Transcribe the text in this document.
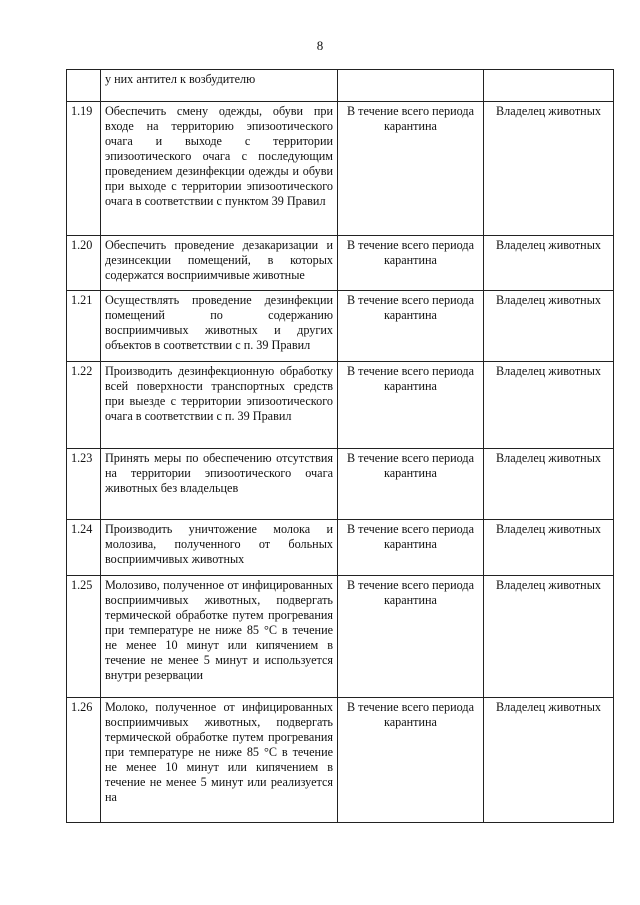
8
	у них антител к возбудителю		
1.19	Обеспечить смену одежды, обуви при входе на территорию эпизоотического очага и выходе с территории эпизоотического очага с последующим проведением дезинфекции одежды и обуви при выходе с территории эпизоотического очага в соответствии с пунктом 39 Правил	В течение всего периода карантина	Владелец животных
1.20	Обеспечить проведение дезакаризации и дезинсекции помещений, в которых содержатся восприимчивые животные	В течение всего периода карантина	Владелец животных
1.21	Осуществлять проведение дезинфекции помещений по содержанию восприимчивых животных и других объектов в соответствии с п. 39 Правил	В течение всего периода карантина	Владелец животных
1.22	Производить дезинфекционную обработку всей поверхности транспортных средств при выезде с территории эпизоотического очага в соответствии с п. 39 Правил	В течение всего периода карантина	Владелец животных
1.23	Принять меры по обеспечению отсутствия на территории эпизоотического очага животных без владельцев	В течение всего периода карантина	Владелец животных
1.24	Производить уничтожение молока и молозива, полученного от больных восприимчивых животных	В течение всего периода карантина	Владелец животных
1.25	Молозиво, полученное от инфицированных восприимчивых животных, подвергать термической обработке путем прогревания при температуре не ниже 85 °С в течение не менее 10 минут или кипячением в течение не менее 5 минут и используется внутри резервации	В течение всего периода карантина	Владелец животных
1.26	Молоко, полученное от инфицированных восприимчивых животных, подвергать термической обработке путем прогревания при температуре не ниже 85 °С в течение не менее 10 минут или кипячением в течение не менее 5 минут или реализуется на	В течение всего периода карантина	Владелец животных
